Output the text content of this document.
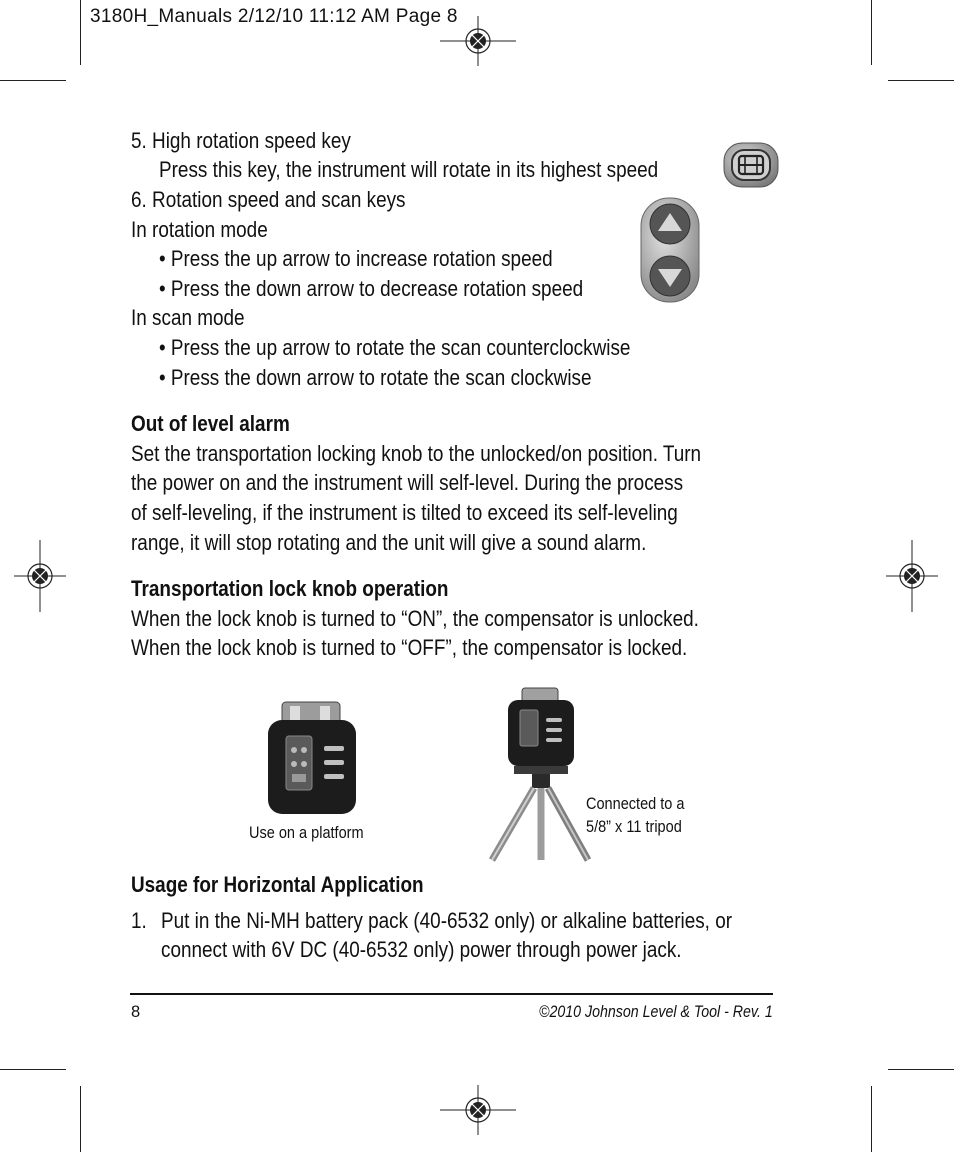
3180H_Manuals 2/12/10 11:12 AM Page 8
5. High rotation speed key
Press this key, the instrument will rotate in its highest speed
6. Rotation speed and scan keys
In rotation mode
• Press the up arrow to increase rotation speed
• Press the down arrow to decrease rotation speed
In scan mode
• Press the up arrow to rotate the scan counterclockwise
• Press the down arrow to rotate the scan clockwise
Out of level alarm
Set the transportation locking knob to the unlocked/on position. Turn
the power on and the instrument will self-level. During the process
of self-leveling, if the instrument is tilted to exceed its self-leveling
range, it will stop rotating and the unit will give a sound alarm.
Transportation lock knob operation
When the lock knob is turned to “ON”, the compensator is unlocked.
When the lock knob is turned to “OFF”, the compensator is locked.
Use on a platform
Connected to a
5/8” x 11 tripod
Usage for Horizontal Application
1. Put in the Ni-MH battery pack (40-6532 only) or alkaline batteries, or
connect with 6V DC (40-6532 only) power through power jack.
8	©2010 Johnson Level & Tool - Rev. 1
